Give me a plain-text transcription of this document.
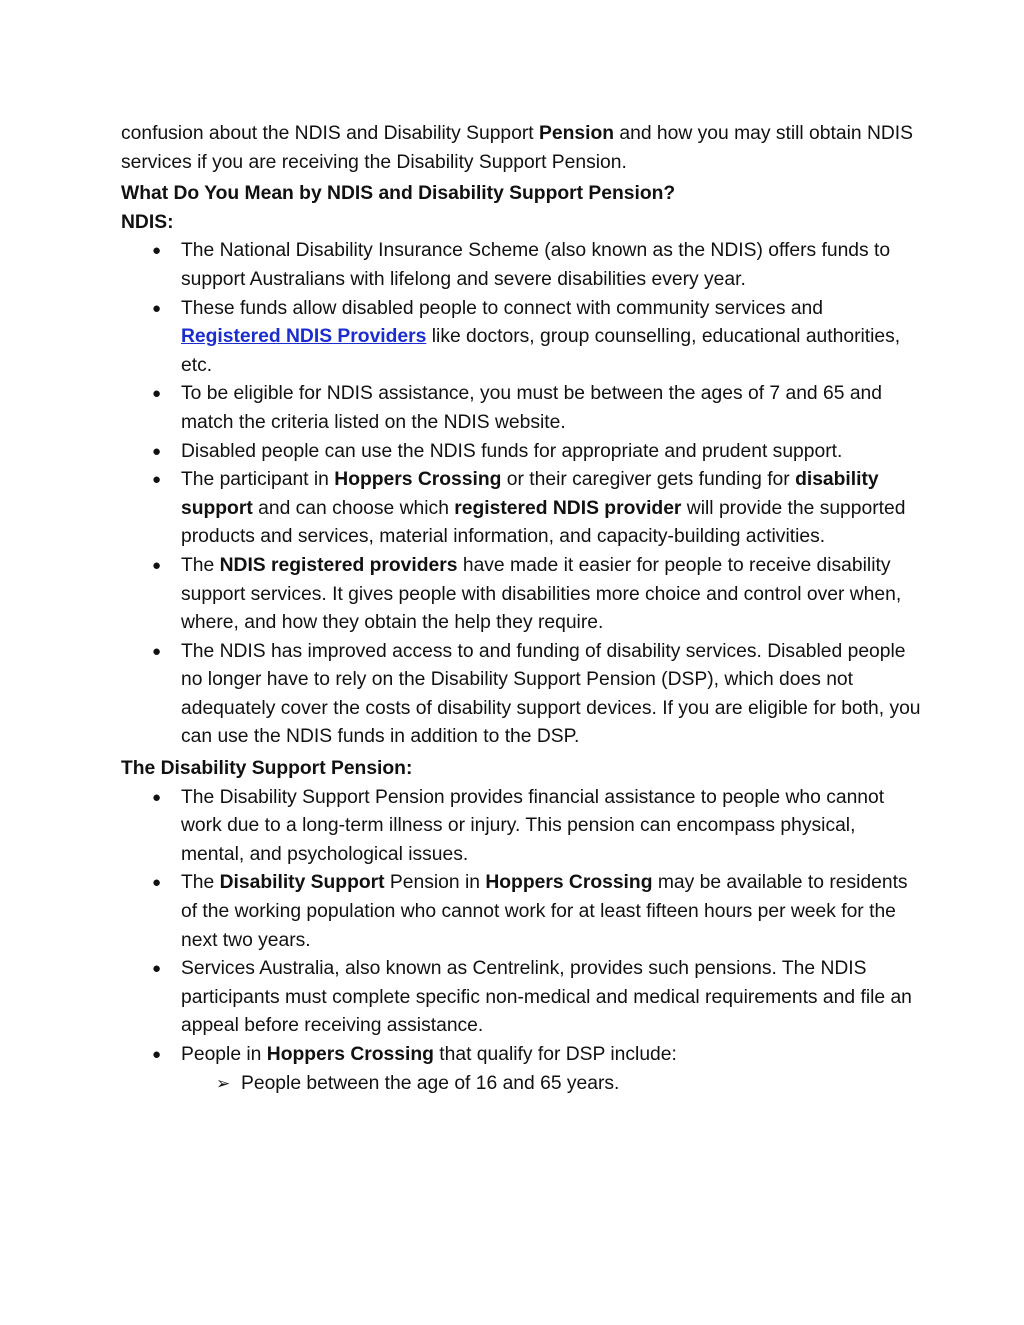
confusion about the NDIS and Disability Support Pension and how you may still obtain NDIS services if you are receiving the Disability Support Pension.

What Do You Mean by NDIS and Disability Support Pension?

NDIS:

● The National Disability Insurance Scheme (also known as the NDIS) offers funds to support Australians with lifelong and severe disabilities every year.
● These funds allow disabled people to connect with community services and Registered NDIS Providers like doctors, group counselling, educational authorities, etc.
● To be eligible for NDIS assistance, you must be between the ages of 7 and 65 and match the criteria listed on the NDIS website.
● Disabled people can use the NDIS funds for appropriate and prudent support.
● The participant in Hoppers Crossing or their caregiver gets funding for disability support and can choose which registered NDIS provider will provide the supported products and services, material information, and capacity-building activities.
● The NDIS registered providers have made it easier for people to receive disability support services. It gives people with disabilities more choice and control over when, where, and how they obtain the help they require.
● The NDIS has improved access to and funding of disability services. Disabled people no longer have to rely on the Disability Support Pension (DSP), which does not adequately cover the costs of disability support devices. If you are eligible for both, you can use the NDIS funds in addition to the DSP.

The Disability Support Pension:

● The Disability Support Pension provides financial assistance to people who cannot work due to a long-term illness or injury. This pension can encompass physical, mental, and psychological issues.
● The Disability Support Pension in Hoppers Crossing may be available to residents of the working population who cannot work for at least fifteen hours per week for the next two years.
● Services Australia, also known as Centrelink, provides such pensions. The NDIS participants must complete specific non-medical and medical requirements and file an appeal before receiving assistance.
● People in Hoppers Crossing that qualify for DSP include:
➢ People between the age of 16 and 65 years.
